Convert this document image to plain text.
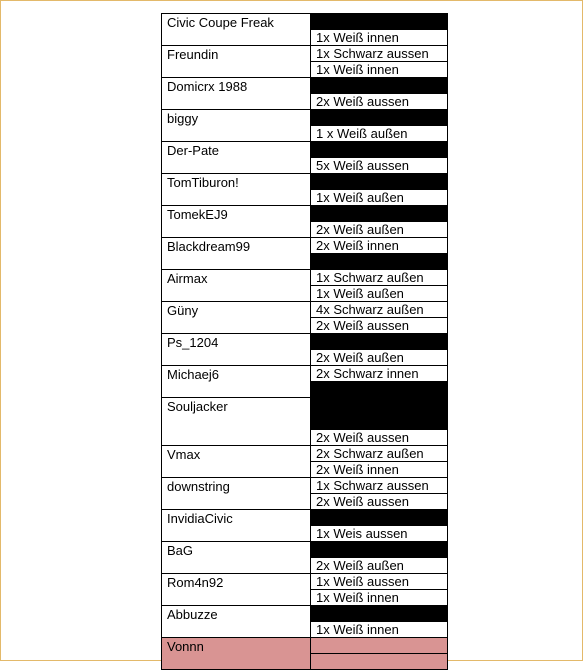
Civic Coupe Freak	
	1x Weiß innen
Freundin	1x Schwarz aussen
	1x Weiß innen
Domicrx 1988	
	2x Weiß aussen
biggy	
	1 x Weiß außen
Der-Pate	
	5x Weiß aussen
TomTiburon!	
	1x Weiß außen
TomekEJ9	
	2x Weiß außen
Blackdream99	2x Weiß innen

Airmax	1x Schwarz außen
	1x Weiß außen
Güny	4x Schwarz außen
	2x Weiß aussen
Ps_1204	
	2x Weiß außen
Michaej6	2x Schwarz innen

Souljacker	
	2x Weiß aussen
Vmax	2x Schwarz außen
	2x Weiß innen
downstring	1x Schwarz aussen
	2x Weiß aussen
InvidiaCivic	
	1x Weis aussen
BaG	
	2x Weiß außen
Rom4n92	1x Weiß aussen
	1x Weiß innen
Abbuzze	
	1x Weiß innen
Vonnn	
